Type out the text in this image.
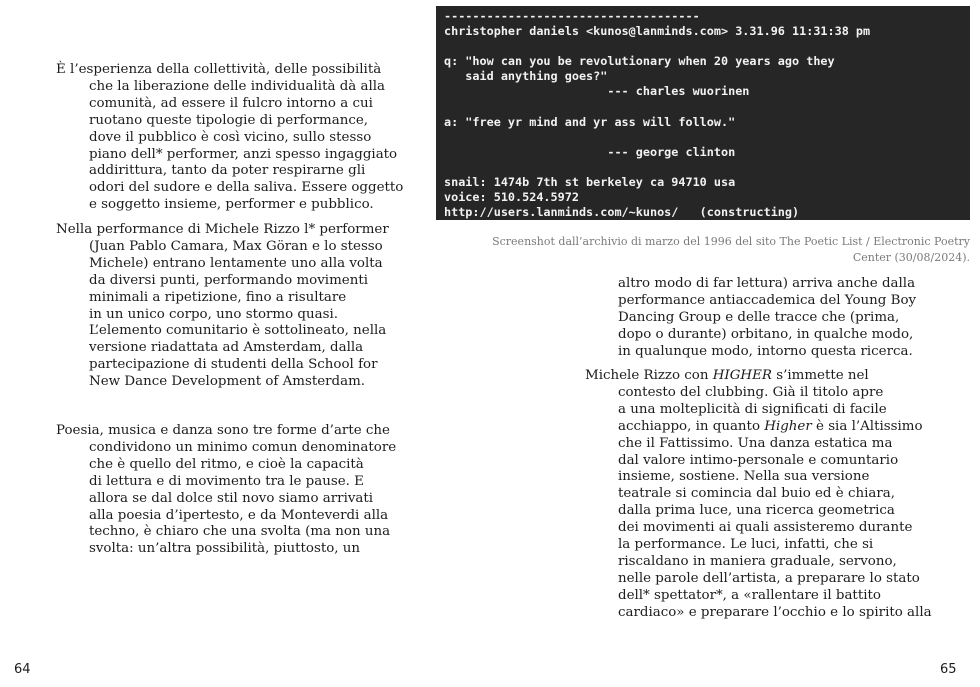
È l’esperienza della collettività, delle possibilità
che la liberazione delle individualità dà alla
comunità, ad essere il fulcro intorno a cui
ruotano queste tipologie di performance,
dove il pubblico è così vicino, sullo stesso
piano dell* performer, anzi spesso ingaggiato
addirittura, tanto da poter respirarne gli
odori del sudore e della saliva. Essere oggetto
e soggetto insieme, performer e pubblico.

Nella performance di Michele Rizzo l* performer
(Juan Pablo Camara, Max Göran e lo stesso
Michele) entrano lentamente uno alla volta
da diversi punti, performando movimenti
minimali a ripetizione, fino a risultare
in un unico corpo, uno stormo quasi.
L’elemento comunitario è sottolineato, nella
versione riadattata ad Amsterdam, dalla
partecipazione di studenti della School for
New Dance Development of Amsterdam.

Poesia, musica e danza sono tre forme d’arte che
condividono un minimo comun denominatore
che è quello del ritmo, e cioè la capacità
di lettura e di movimento tra le pause. E
allora se dal dolce stil novo siamo arrivati
alla poesia d’ipertesto, e da Monteverdi alla
techno, è chiaro che una svolta (ma non una
svolta: un’altra possibilità, piuttosto, un

64
------------------------------------
christopher daniels <kunos@lanminds.com> 3.31.96 11:31:38 pm
q: "how can you be revolutionary when 20 years ago they
said anything goes?"
--- charles wuorinen
a: "free yr mind and yr ass will follow."
--- george clinton
snail: 1474b 7th st berkeley ca 94710 usa
voice: 510.524.5972
http://users.lanminds.com/~kunos/   (constructing)
Screenshot dall’archivio di marzo del 1996 del sito The Poetic List / Electronic Poetry
Center (30/08/2024).

altro modo di far lettura) arriva anche dalla
performance antiaccademica del Young Boy
Dancing Group e delle tracce che (prima,
dopo o durante) orbitano, in qualche modo,
in qualunque modo, intorno questa ricerca.

Michele Rizzo con HIGHER s’immette nel
contesto del clubbing. Già il titolo apre
a una molteplicità di significati di facile
acchiappo, in quanto Higher è sia l’Altissimo
che il Fattissimo. Una danza estatica ma
dal valore intimo-personale e comuntario
insieme, sostiene. Nella sua versione
teatrale si comincia dal buio ed è chiara,
dalla prima luce, una ricerca geometrica
dei movimenti ai quali assisteremo durante
la performance. Le luci, infatti, che si
riscaldano in maniera graduale, servono,
nelle parole dell’artista, a preparare lo stato
dell* spettator*, a «rallentare il battito
cardiaco» e preparare l’occhio e lo spirito alla

65
